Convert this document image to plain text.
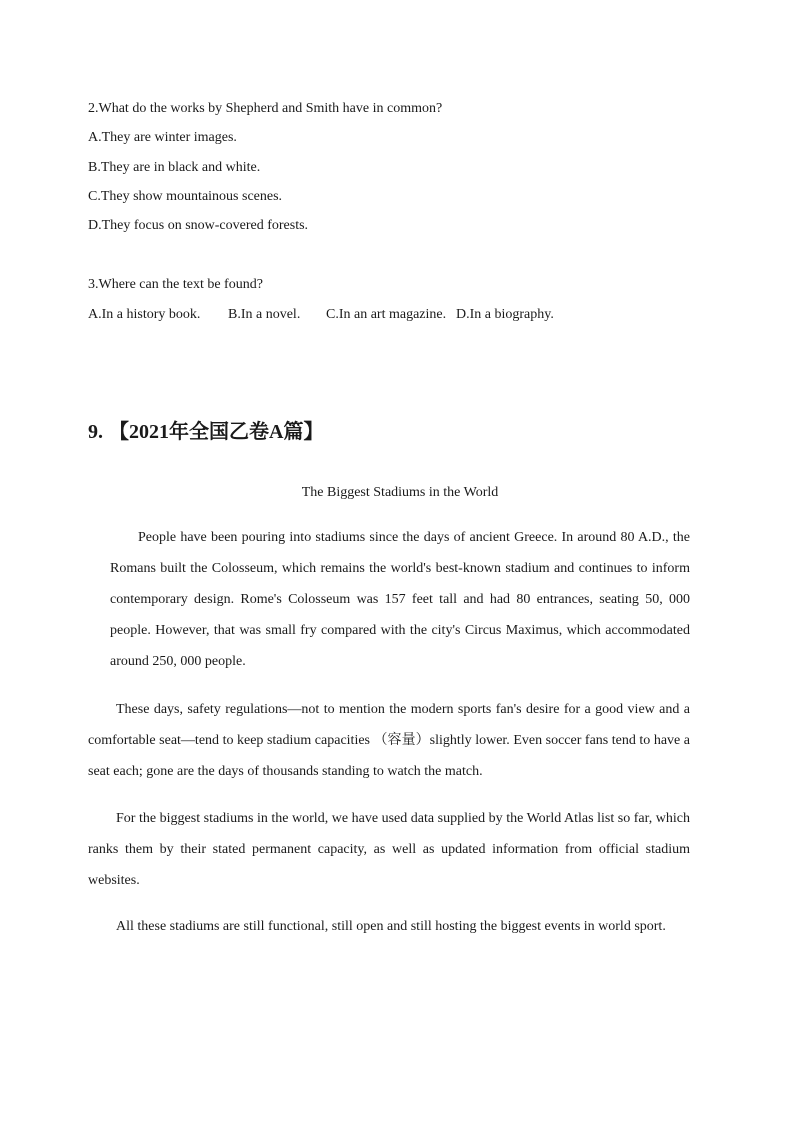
2.What do the works by Shepherd and Smith have in common?
A.They are winter images.
B.They are in black and white.
C.They show mountainous scenes.
D.They focus on snow-covered forests.
3.Where can the text be found?
A.In a history book.	B.In a novel.	C.In an art magazine. D.In a biography.
9. 【2021年全国乙卷A篇】
The Biggest Stadiums in the World

People have been pouring into stadiums since the days of ancient Greece. In around 80 A.D., the Romans built the Colosseum, which remains the world's best-known stadium and continues to inform contemporary design. Rome's Colosseum was 157 feet tall and had 80 entrances, seating 50, 000 people. However, that was small fry compared with the city's Circus Maximus, which accommodated around 250, 000 people.

These days, safety regulations—not to mention the modern sports fan's desire for a good view and a comfortable seat—tend to keep stadium capacities （容量）slightly lower. Even soccer fans tend to have a seat each; gone are the days of thousands standing to watch the match.

For the biggest stadiums in the world, we have used data supplied by the World Atlas list so far, which ranks them by their stated permanent capacity, as well as updated information from official stadium websites.

All these stadiums are still functional, still open and still hosting the biggest events in world sport.
